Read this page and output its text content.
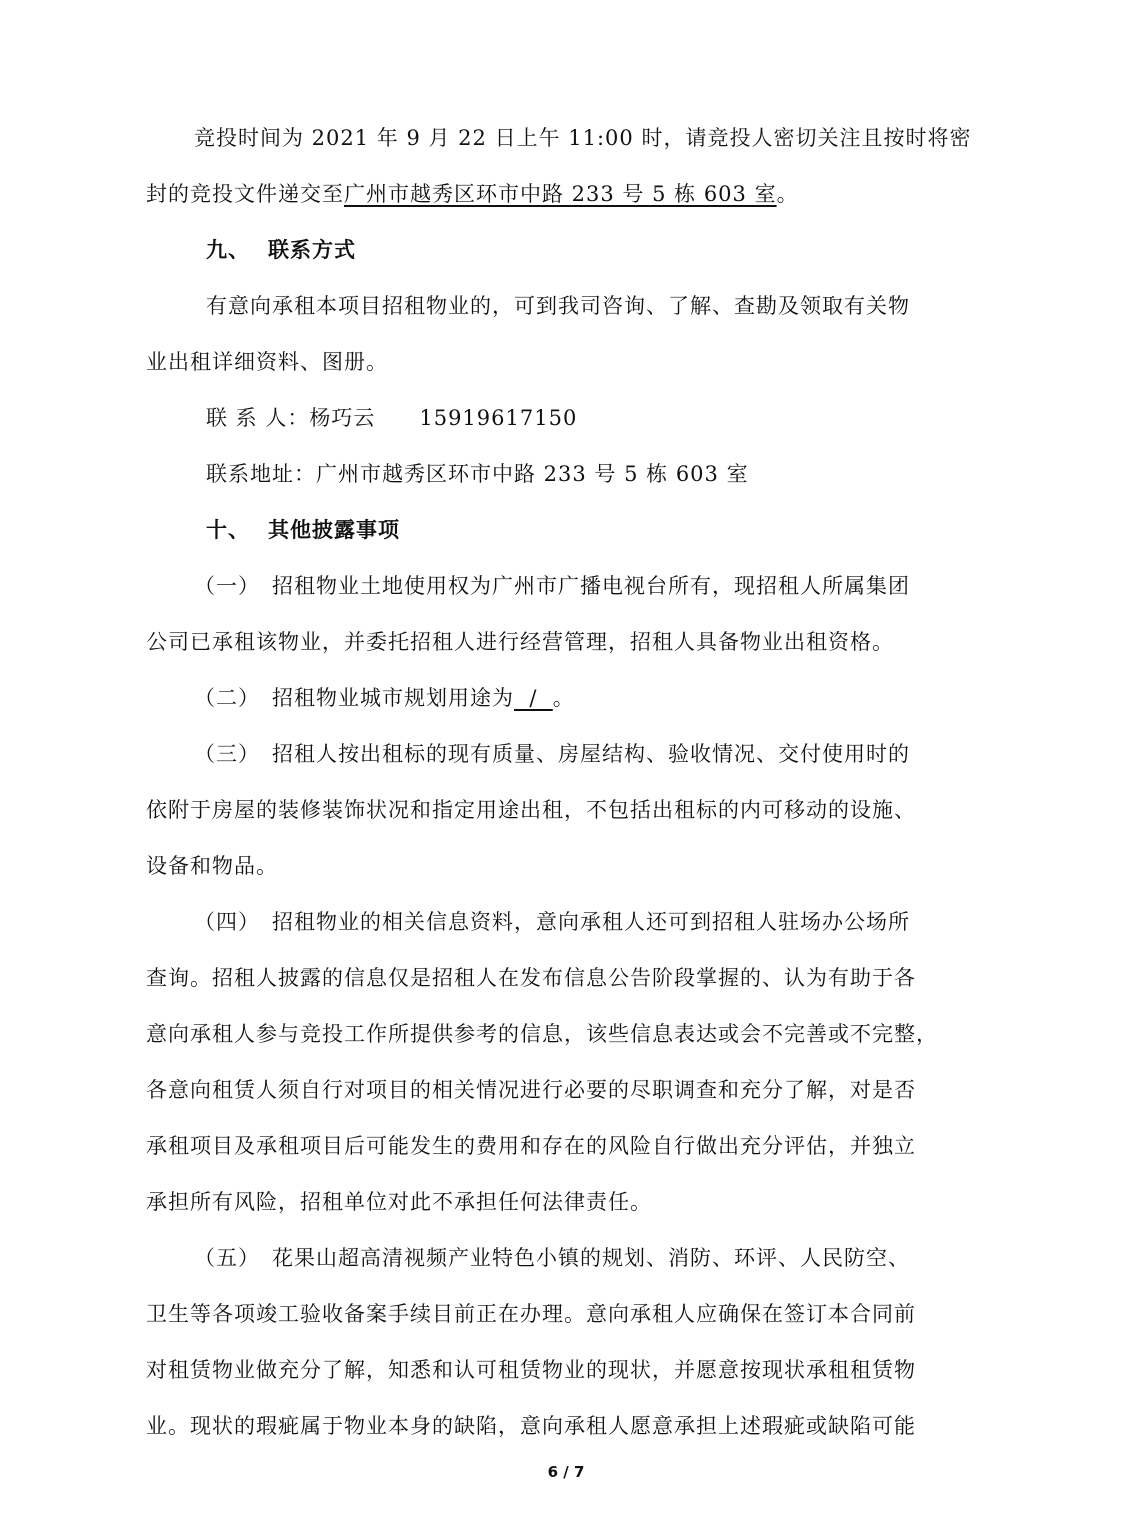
竞投时间为 2021 年 9 月 22 日上午 11:00 时，请竞投人密切关注且按时将密
封的竞投文件递交至广州市越秀区环市中路 233 号 5 栋 603 室。
九、 联系方式
有意向承租本项目招租物业的，可到我司咨询、了解、查勘及领取有关物
业出租详细资料、图册。
联 系 人：杨巧云　　15919617150
联系地址：广州市越秀区环市中路 233 号 5 栋 603 室
十、 其他披露事项
（一） 招租物业土地使用权为广州市广播电视台所有，现招租人所属集团
公司已承租该物业，并委托招租人进行经营管理，招租人具备物业出租资格。
（二） 招租物业城市规划用途为  /  。
（三） 招租人按出租标的现有质量、房屋结构、验收情况、交付使用时的
依附于房屋的装修装饰状况和指定用途出租，不包括出租标的内可移动的设施、
设备和物品。
（四） 招租物业的相关信息资料，意向承租人还可到招租人驻场办公场所
查询。招租人披露的信息仅是招租人在发布信息公告阶段掌握的、认为有助于各
意向承租人参与竞投工作所提供参考的信息，该些信息表达或会不完善或不完整，
各意向租赁人须自行对项目的相关情况进行必要的尽职调查和充分了解，对是否
承租项目及承租项目后可能发生的费用和存在的风险自行做出充分评估，并独立
承担所有风险，招租单位对此不承担任何法律责任。
（五） 花果山超高清视频产业特色小镇的规划、消防、环评、人民防空、
卫生等各项竣工验收备案手续目前正在办理。意向承租人应确保在签订本合同前
对租赁物业做充分了解，知悉和认可租赁物业的现状，并愿意按现状承租租赁物
业。现状的瑕疵属于物业本身的缺陷，意向承租人愿意承担上述瑕疵或缺陷可能
6 / 7
